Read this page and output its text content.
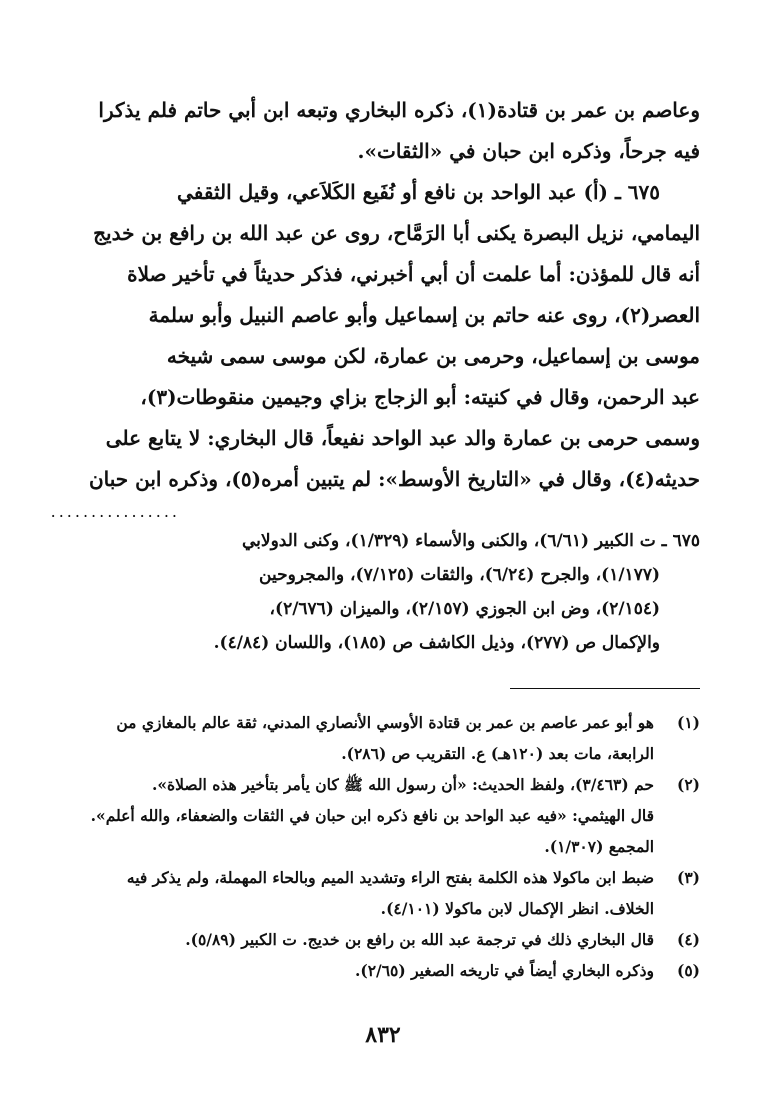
وعاصم بن عمر بن قتادة(١)، ذكره البخاري وتبعه ابن أبي حاتم فلم يذكرا

فيه جرحاً، وذكره ابن حبان في «الثقات».

٦٧٥ ـ (أ) عبد الواحد بن نافع أو نُفَيع الكَلاَعي، وقيل الثقفي

اليمامي، نزيل البصرة يكنى أبا الرَمَّاح، روى عن عبد الله بن رافع بن خديج

أنه قال للمؤذن: أما علمت أن أبي أخبرني، فذكر حديثاً في تأخير صلاة

العصر(٢)، روى عنه حاتم بن إسماعيل وأبو عاصم النبيل وأبو سلمة

موسى بن إسماعيل، وحرمى بن عمارة، لكن موسى سمى شيخه

عبد الرحمن، وقال في كنيته: أبو الزجاج بزاي وجيمين منقوطات(٣)،

وسمى حرمى بن عمارة والد عبد الواحد نفيعاً، قال البخاري: لا يتابع على

حديثه(٤)، وقال في «التاريخ الأوسط»: لم يتبين أمره(٥)، وذكره ابن حبان

................
٦٧٥ ـ ت الكبير (٦/٦١)، والكنى والأسماء (١/٣٢٩)، وكنى الدولابي
(١/١٧٧)، والجرح (٦/٢٤)، والثقات (٧/١٢٥)، والمجروحين
(٢/١٥٤)، وض ابن الجوزي (٢/١٥٧)، والميزان (٢/٦٧٦)،
والإكمال ص (٢٧٧)، وذيل الكاشف ص (١٨٥)، واللسان (٤/٨٤).
(١)
هو أبو عمر عاصم بن عمر بن قتادة الأوسي الأنصاري المدني، ثقة عالم بالمغازي من
الرابعة، مات بعد (١٢٠هـ) ع. التقريب ص (٢٨٦).
(٢)
حم (٣/٤٦٣)، ولفظ الحديث: «أن رسول الله ﷺ كان يأمر بتأخير هذه الصلاة».
قال الهيثمي: «فيه عبد الواحد بن نافع ذكره ابن حبان في الثقات والضعفاء، والله أعلم».
المجمع (١/٣٠٧).
(٣)
ضبط ابن ماكولا هذه الكلمة بفتح الراء وتشديد الميم وبالحاء المهملة، ولم يذكر فيه
الخلاف. انظر الإكمال لابن ماكولا (٤/١٠١).
(٤)
قال البخاري ذلك في ترجمة عبد الله بن رافع بن خديج. ت الكبير (٥/٨٩).
(٥)
وذكره البخاري أيضاً في تاريخه الصغير (٢/٦٥).
٨٣٢
